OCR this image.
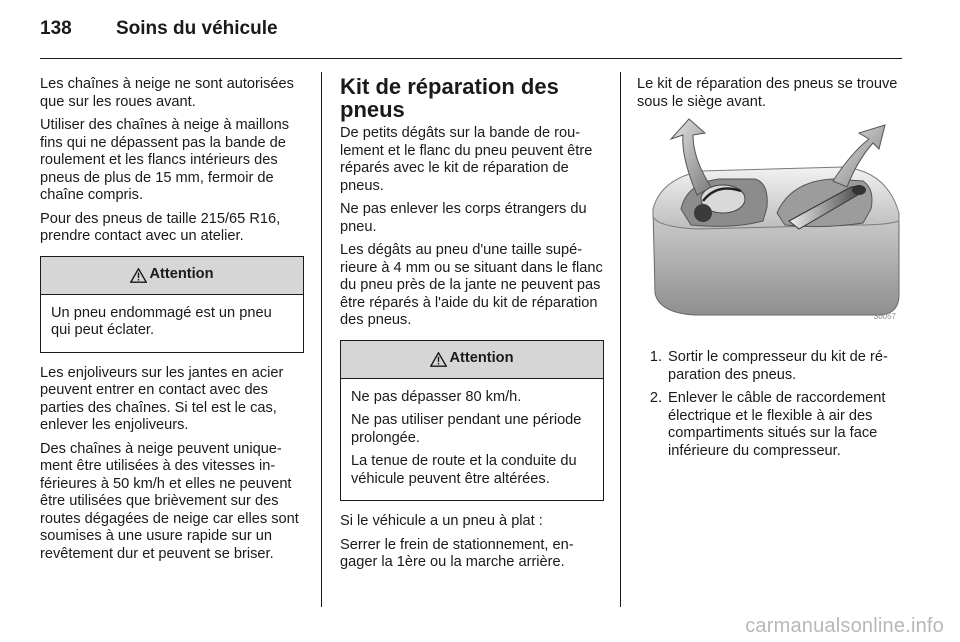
138	Soins du véhicule

Les chaînes à neige ne sont autorisées que sur les roues avant.

Utiliser des chaînes à neige à maillons fins qui ne dépassent pas la bande de roulement et les flancs intérieurs des pneus de plus de 15 mm, fermoir de chaîne compris.

Pour des pneus de taille 215/65 R16, prendre contact avec un atelier.

Attention

Un pneu endommagé est un pneu qui peut éclater.

Les enjoliveurs sur les jantes en acier peuvent entrer en contact avec des parties des chaînes. Si tel est le cas, enlever les enjoliveurs.

Des chaînes à neige peuvent uniquement être utilisées à des vitesses inférieures à 50 km/h et elles ne peuvent être utilisées que brièvement sur des routes dégagées de neige car elles sont soumises à une usure rapide sur un revêtement dur et peuvent se briser.

Kit de réparation des pneus

De petits dégâts sur la bande de roulement et le flanc du pneu peuvent être réparés avec le kit de réparation de pneus.

Ne pas enlever les corps étrangers du pneu.

Les dégâts au pneu d'une taille supérieure à 4 mm ou se situant dans le flanc du pneu près de la jante ne peuvent pas être réparés à l'aide du kit de réparation des pneus.

Attention

Ne pas dépasser 80 km/h.

Ne pas utiliser pendant une période prolongée.

La tenue de route et la conduite du véhicule peuvent être altérées.

Si le véhicule a un pneu à plat :

Serrer le frein de stationnement, engager la 1ère ou la marche arrière.

Le kit de réparation des pneus se trouve sous le siège avant.

30057
1. Sortir le compresseur du kit de réparation des pneus.
2. Enlever le câble de raccordement électrique et le flexible à air des compartiments situés sur la face inférieure du compresseur.
carmanualsonline.info
